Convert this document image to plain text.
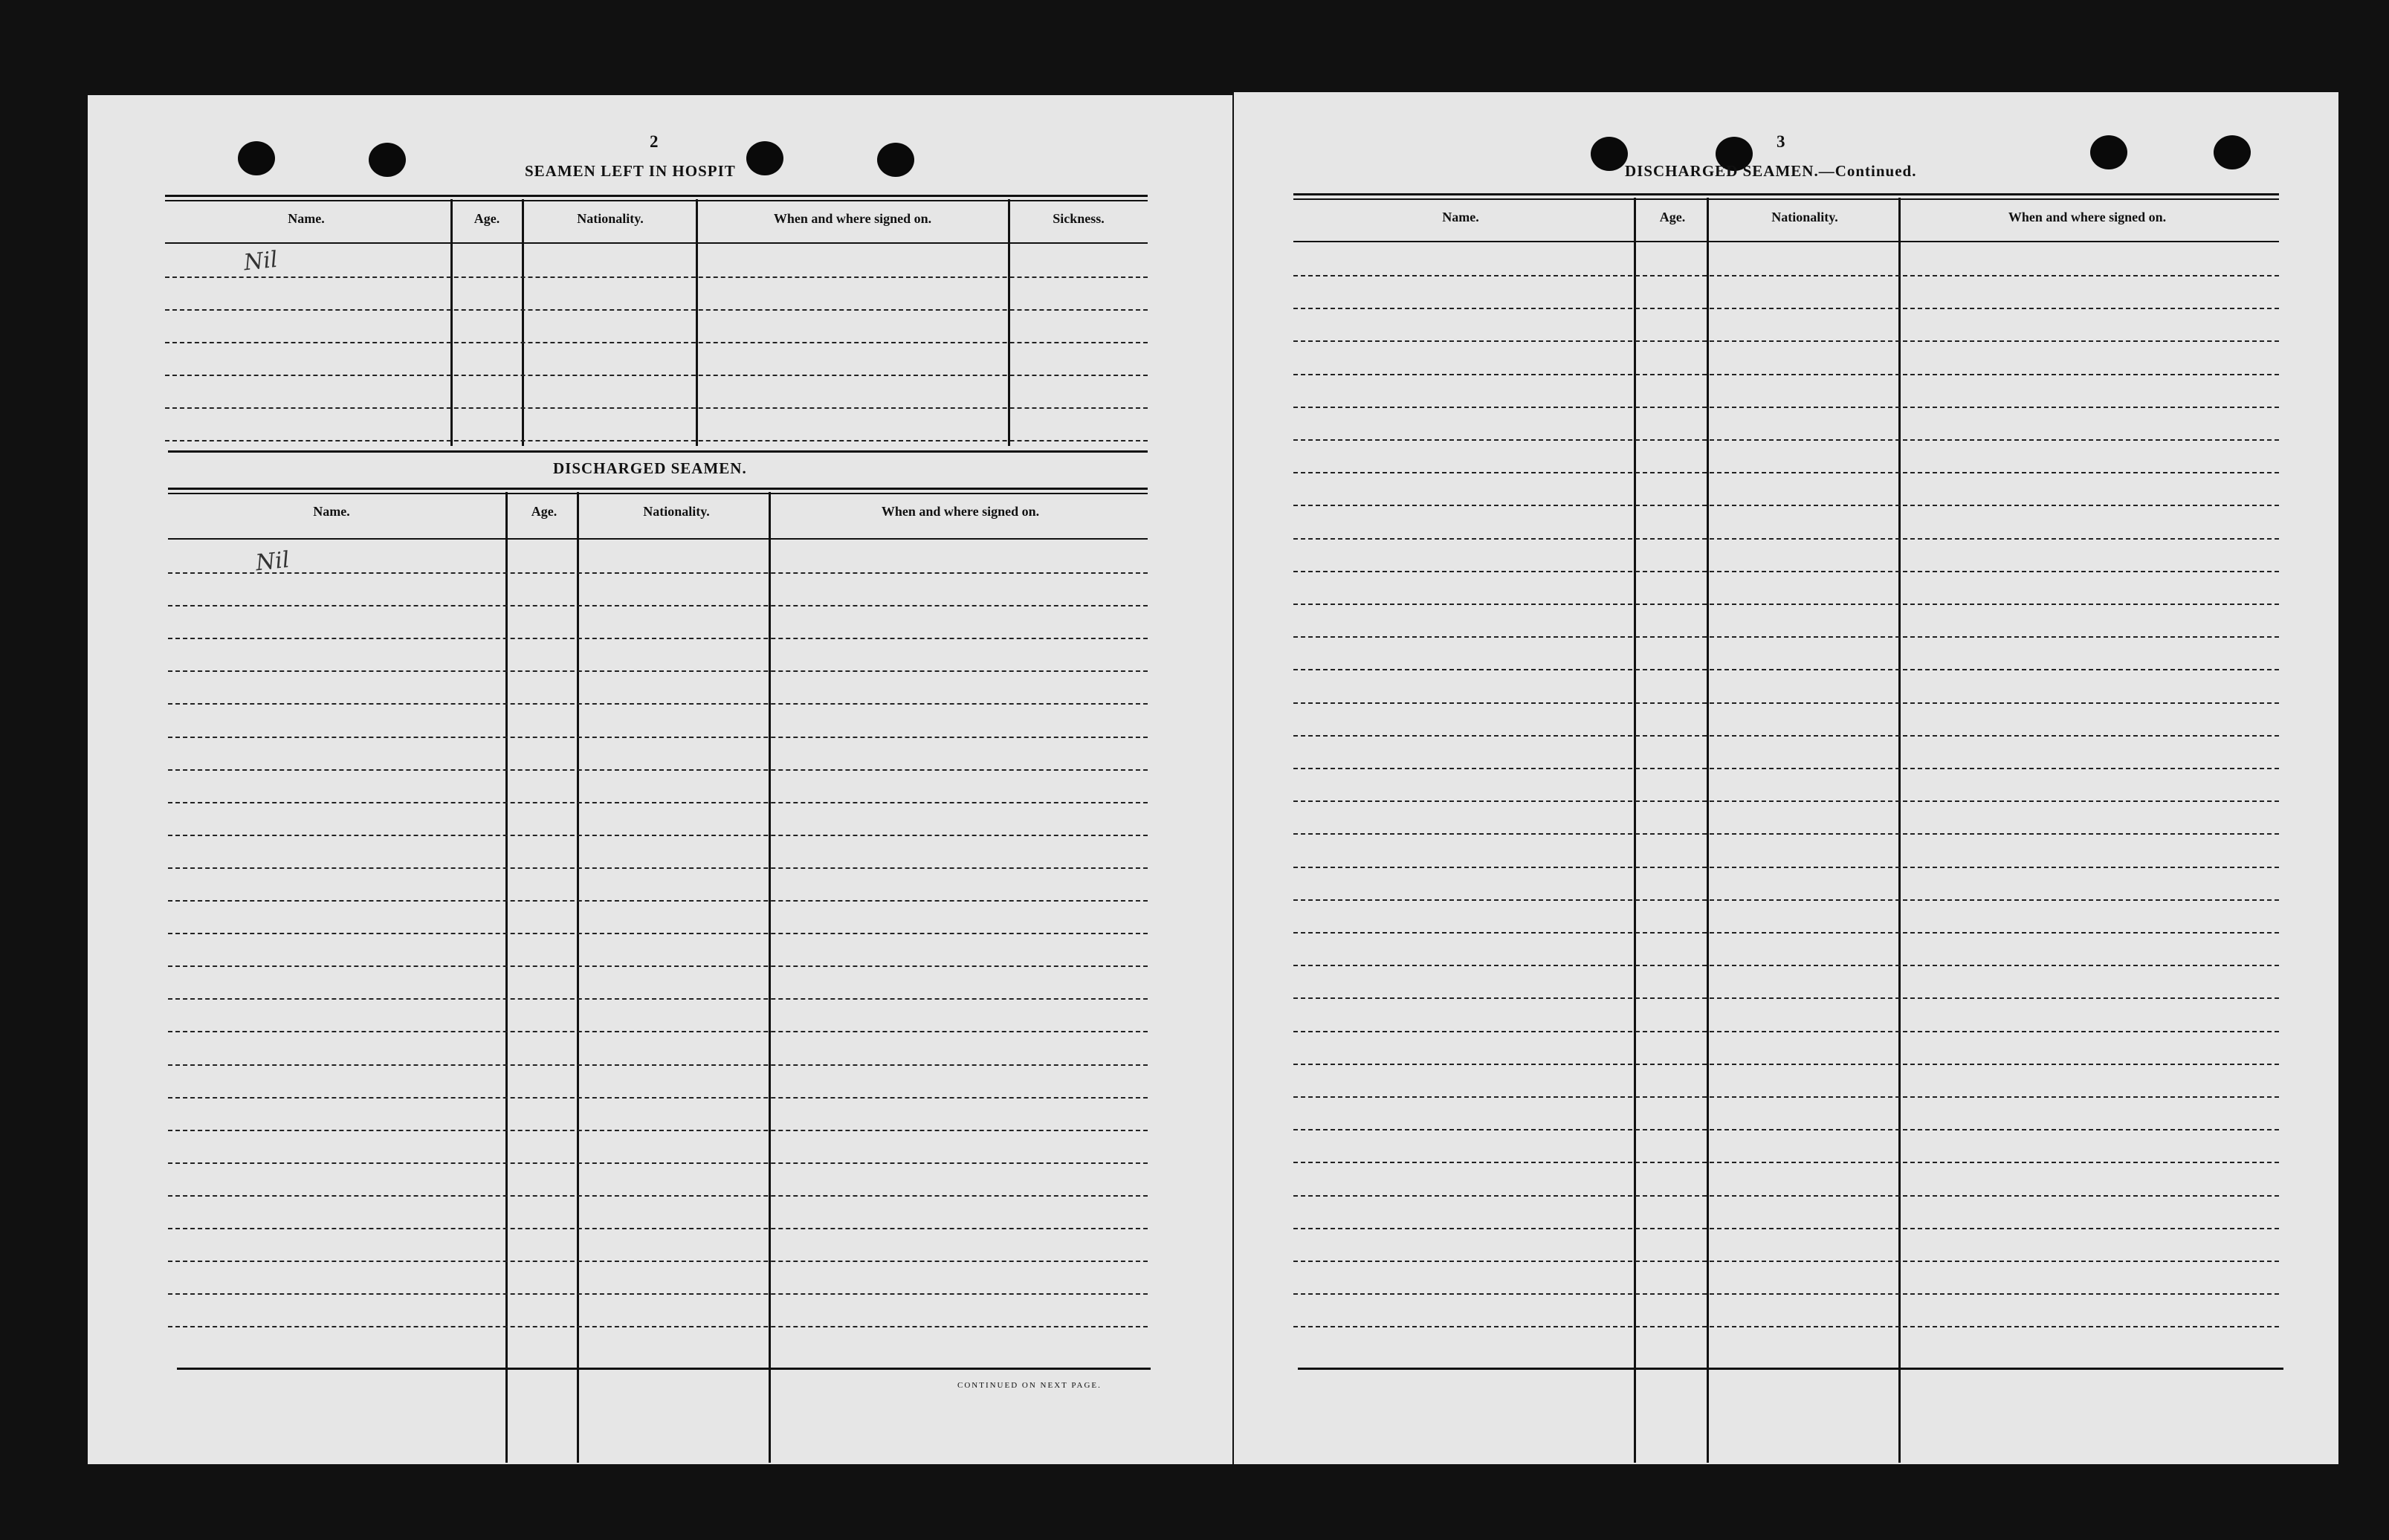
2
SEAMEN LEFT IN HOSPIT
Name.	Age.	Nationality.	When and where signed on.	Sickness.
Nil
DISCHARGED SEAMEN.
Name.	Age.	Nationality.	When and where signed on.
Nil
CONTINUED ON NEXT PAGE.
3
DISCHARGED SEAMEN.—Continued.
Name.	Age.	Nationality.	When and where signed on.
